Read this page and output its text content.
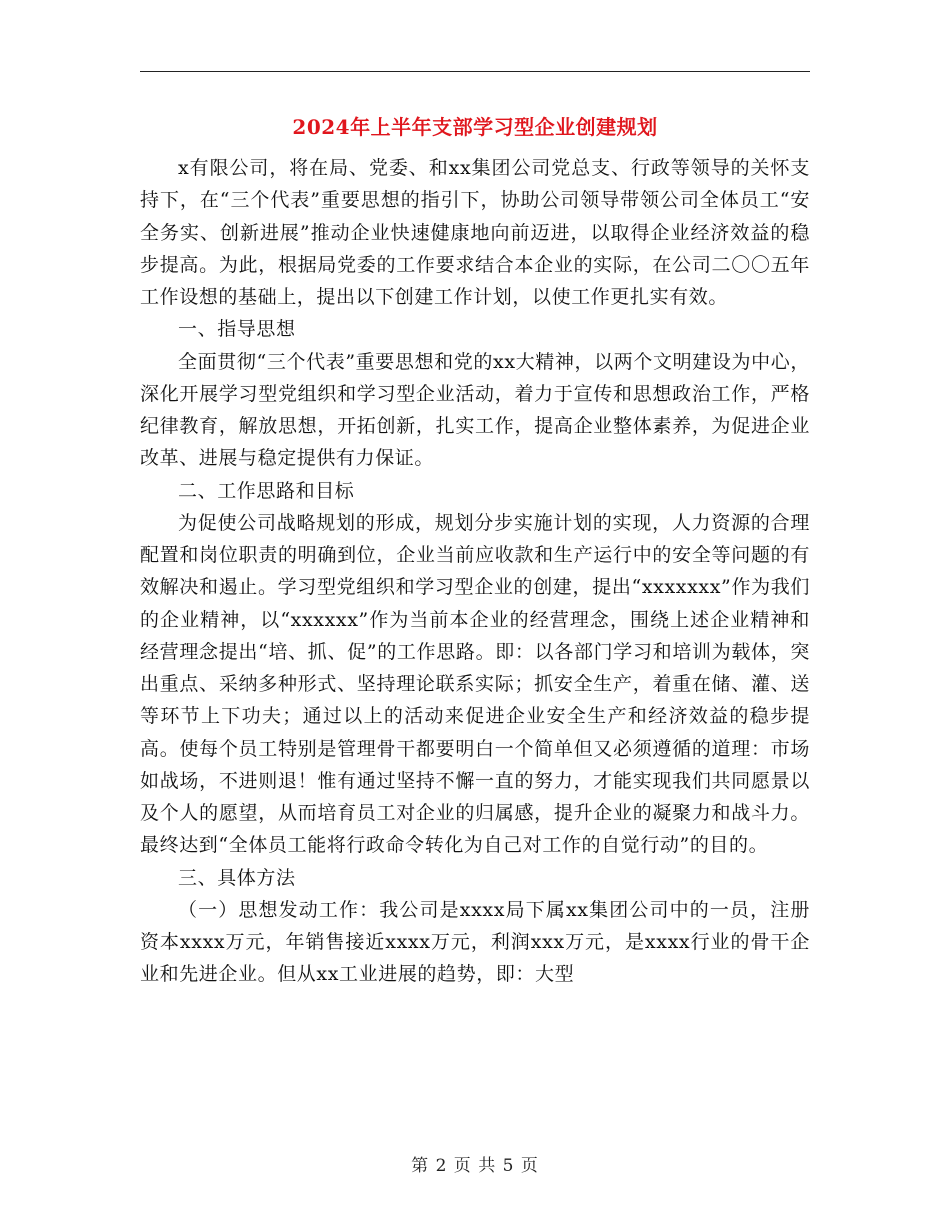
2024年上半年支部学习型企业创建规划

x有限公司，将在局、党委、和xx集团公司党总支、行政等领导的关怀支持下，在“三个代表”重要思想的指引下，协助公司领导带领公司全体员工“安全务实、创新进展”推动企业快速健康地向前迈进，以取得企业经济效益的稳步提高。为此，根据局党委的工作要求结合本企业的实际，在公司二〇〇五年工作设想的基础上，提出以下创建工作计划，以使工作更扎实有效。

一、指导思想

全面贯彻“三个代表”重要思想和党的xx大精神，以两个文明建设为中心，深化开展学习型党组织和学习型企业活动，着力于宣传和思想政治工作，严格纪律教育，解放思想，开拓创新，扎实工作，提高企业整体素养，为促进企业改革、进展与稳定提供有力保证。

二、工作思路和目标

为促使公司战略规划的形成，规划分步实施计划的实现，人力资源的合理配置和岗位职责的明确到位，企业当前应收款和生产运行中的安全等问题的有效解决和遏止。学习型党组织和学习型企业的创建，提出“xxxxxxx”作为我们的企业精神，以“xxxxxx”作为当前本企业的经营理念，围绕上述企业精神和经营理念提出“培、抓、促”的工作思路。即：以各部门学习和培训为载体，突出重点、采纳多种形式、坚持理论联系实际；抓安全生产，着重在储、灌、送等环节上下功夫；通过以上的活动来促进企业安全生产和经济效益的稳步提高。使每个员工特别是管理骨干都要明白一个简单但又必须遵循的道理：市场如战场，不进则退！惟有通过坚持不懈一直的努力，才能实现我们共同愿景以及个人的愿望，从而培育员工对企业的归属感，提升企业的凝聚力和战斗力。最终达到“全体员工能将行政命令转化为自己对工作的自觉行动”的目的。

三、具体方法

（一）思想发动工作：我公司是xxxx局下属xx集团公司中的一员，注册资本xxxx万元，年销售接近xxxx万元，利润xxx万元，是xxxx行业的骨干企业和先进企业。但从xx工业进展的趋势，即：大型

第 2 页 共 5 页
